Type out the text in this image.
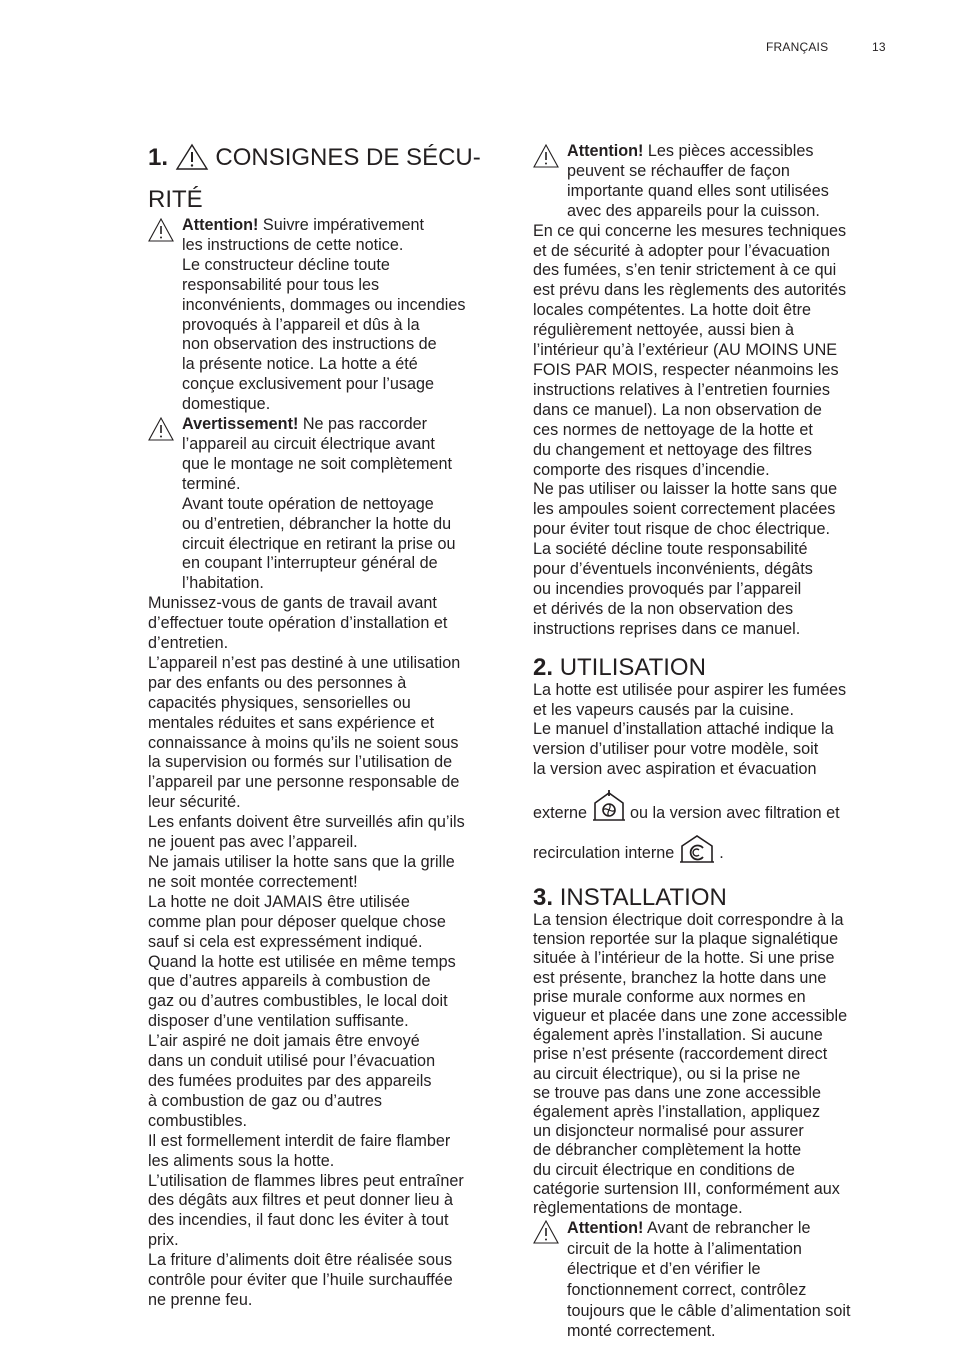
FRANÇAIS	13
1. CONSIGNES DE SÉCU-
RITÉ

Attention! Suivre impérativement

les instructions de cette notice.

Le constructeur décline toute

responsabilité pour tous les

inconvénients, dommages ou incendies

provoqués à l’appareil et dûs à la

non observation des instructions de

la présente notice. La hotte a été

conçue exclusivement pour l’usage

domestique.

Avertissement! Ne pas raccorder

l’appareil au circuit électrique avant

que le montage ne soit complètement

terminé.

Avant toute opération de nettoyage

ou d’entretien, débrancher la hotte du

circuit électrique en retirant la prise ou

en coupant l’interrupteur général de

l’habitation.

Munissez-vous de gants de travail avant

d’effectuer toute opération d’installation et

d’entretien.

L’appareil n’est pas destiné à une utilisation

par des enfants ou des personnes à

capacités physiques, sensorielles ou

mentales réduites et sans expérience et

connaissance à moins qu’ils ne soient sous

la supervision ou formés sur l’utilisation de

l’appareil par une personne responsable de

leur sécurité.

Les enfants doivent être surveillés afin qu’ils

ne jouent pas avec l’appareil.

Ne jamais utiliser la hotte sans que la grille

ne soit montée correctement!

La hotte ne doit JAMAIS être utilisée

comme plan pour déposer quelque chose

sauf si cela est expressément indiqué.

Quand la hotte est utilisée en même temps

que d’autres appareils à combustion de

gaz ou d’autres combustibles, le local doit

disposer d’une ventilation suffisante.

L’air aspiré ne doit jamais être envoyé

dans un conduit utilisé pour l’évacuation

des fumées produites par des appareils

à combustion de gaz ou d’autres

combustibles.

Il est formellement interdit de faire flamber

les aliments sous la hotte.

L’utilisation de flammes libres peut entraîner

des dégâts aux filtres et peut donner lieu à

des incendies, il faut donc les éviter à tout

prix.

La friture d’aliments doit être réalisée sous

contrôle pour éviter que l’huile surchauffée

ne prenne feu.

Attention! Les pièces accessibles

peuvent se réchauffer de façon

importante quand elles sont utilisées

avec des appareils pour la cuisson.

En ce qui concerne les mesures techniques

et de sécurité à adopter pour l’évacuation

des fumées, s’en tenir strictement à ce qui

est prévu dans les règlements des autorités

locales compétentes. La hotte doit être

régulièrement nettoyée, aussi bien à

l’intérieur qu’à l’extérieur (AU MOINS UNE

FOIS PAR MOIS, respecter néanmoins les

instructions relatives à l’entretien fournies

dans ce manuel). La non observation de

ces normes de nettoyage de la hotte et

du changement et nettoyage des filtres

comporte des risques d’incendie.

Ne pas utiliser ou laisser la hotte sans que

les ampoules soient correctement placées

pour éviter tout risque de choc électrique.

La société décline toute responsabilité

pour d’éventuels inconvénients, dégâts

ou incendies provoqués par l’appareil

et dérivés de la non observation des

instructions reprises dans ce manuel.

2. UTILISATION

La hotte est utilisée pour aspirer les fumées

et les vapeurs causés par la cuisine.

Le manuel d’installation attaché indique la

version d’utiliser pour votre modèle, soit

la version avec aspiration et évacuation

externe	ou la version avec filtration et

recirculation interne	.

3. INSTALLATION

La tension électrique doit correspondre à la

tension reportée sur la plaque signalétique

située à l’intérieur de la hotte. Si une prise

est présente, branchez la hotte dans une

prise murale conforme aux normes en

vigueur et placée dans une zone accessible

également après l’installation. Si aucune

prise n’est présente (raccordement direct

au circuit électrique), ou si la prise ne

se trouve pas dans une zone accessible

également après l’installation, appliquez

un disjoncteur normalisé pour assurer

de débrancher complètement la hotte

du circuit électrique en conditions de

catégorie surtension III, conformément aux

règlementations de montage.

Attention! Avant de rebrancher le

circuit de la hotte à l’alimentation

électrique et d’en vérifier le

fonctionnement correct, contrôlez

toujours que le câble d’alimentation soit

monté correctement.
